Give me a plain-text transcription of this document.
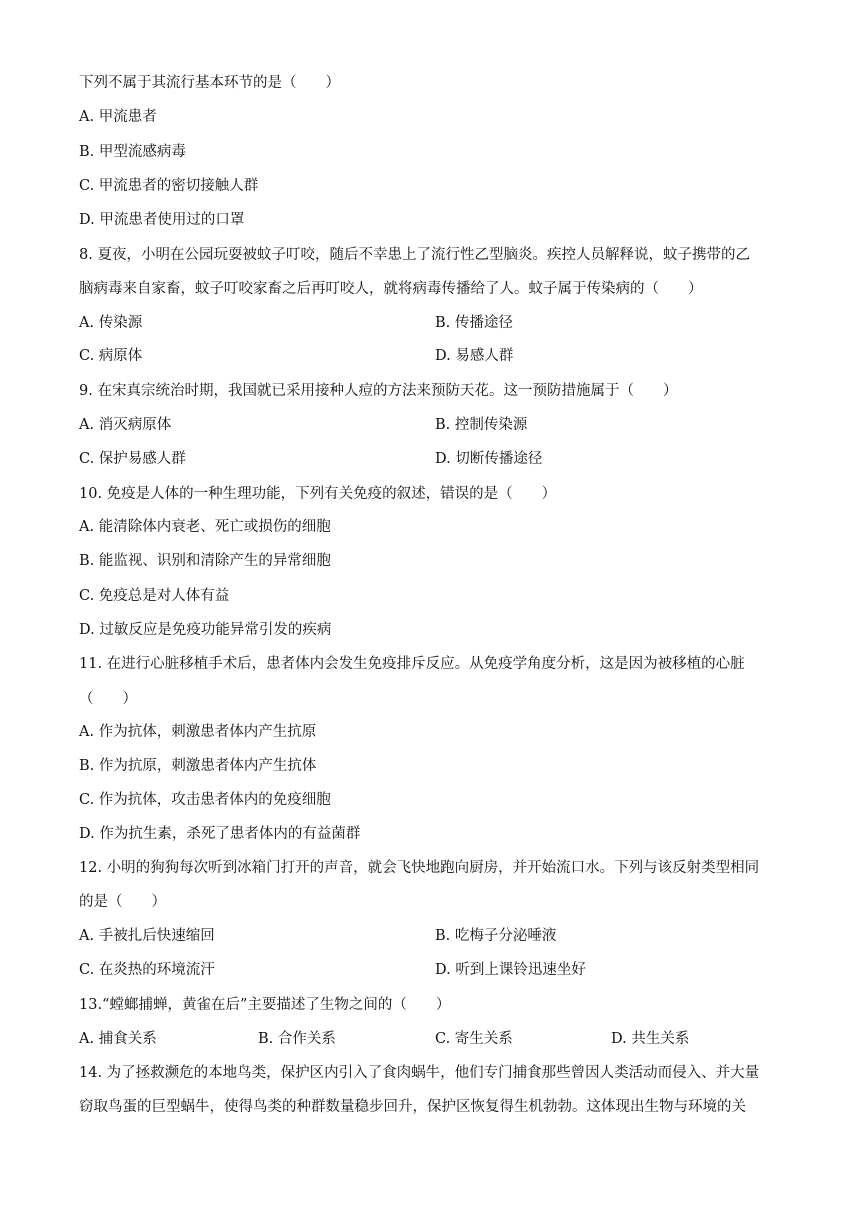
下列不属于其流行基本环节的是（　　）
A. 甲流患者
B. 甲型流感病毒
C. 甲流患者的密切接触人群
D. 甲流患者使用过的口罩
8. 夏夜，小明在公园玩耍被蚊子叮咬，随后不幸患上了流行性乙型脑炎。疾控人员解释说，蚊子携带的乙
脑病毒来自家畜，蚊子叮咬家畜之后再叮咬人，就将病毒传播给了人。蚊子属于传染病的（　　）
A. 传染源	B. 传播途径
C. 病原体	D. 易感人群
9. 在宋真宗统治时期，我国就已采用接种人痘的方法来预防天花。这一预防措施属于（　　）
A. 消灭病原体	B. 控制传染源
C. 保护易感人群	D. 切断传播途径
10. 免疫是人体的一种生理功能，下列有关免疫的叙述，错误的是（　　）
A. 能清除体内衰老、死亡或损伤的细胞
B. 能监视、识别和清除产生的异常细胞
C. 免疫总是对人体有益
D. 过敏反应是免疫功能异常引发的疾病
11. 在进行心脏移植手术后，患者体内会发生免疫排斥反应。从免疫学角度分析，这是因为被移植的心脏
（　　）
A. 作为抗体，刺激患者体内产生抗原
B. 作为抗原，刺激患者体内产生抗体
C. 作为抗体，攻击患者体内的免疫细胞
D. 作为抗生素，杀死了患者体内的有益菌群
12. 小明的狗狗每次听到冰箱门打开的声音，就会飞快地跑向厨房，并开始流口水。下列与该反射类型相同
的是（　　）
A. 手被扎后快速缩回	B. 吃梅子分泌唾液
C. 在炎热的环境流汗	D. 听到上课铃迅速坐好
13.“螳螂捕蝉，黄雀在后”主要描述了生物之间的（　　）
A. 捕食关系	B. 合作关系	C. 寄生关系	D. 共生关系
14. 为了拯救濒危的本地鸟类，保护区内引入了食肉蜗牛，他们专门捕食那些曾因人类活动而侵入、并大量
窃取鸟蛋的巨型蜗牛，使得鸟类的种群数量稳步回升，保护区恢复得生机勃勃。这体现出生物与环境的关
